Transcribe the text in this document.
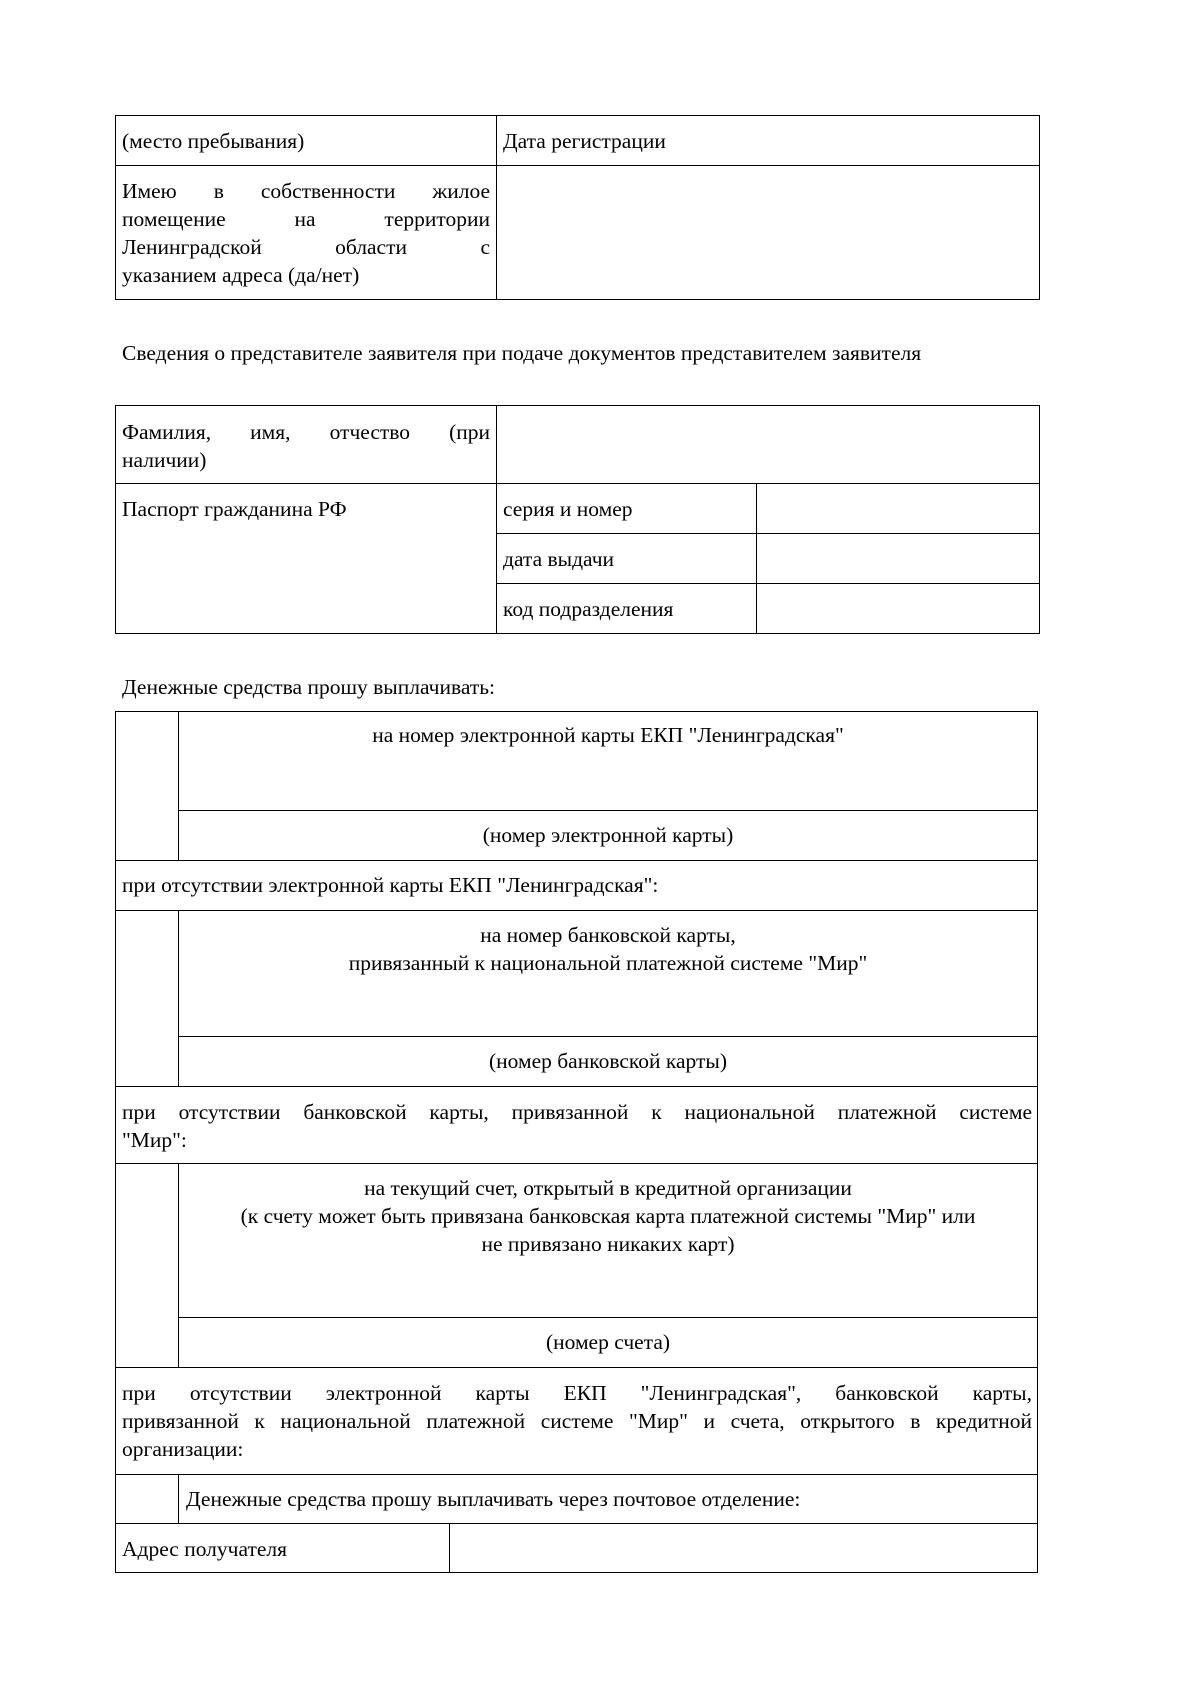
(место пребывания)	Дата регистрации
Имею в собственности жилое
помещение на территории
Ленинградской области с
указанием адреса (да/нет)
Сведения о представителе заявителя при подаче документов представителем заявителя
Фамилия, имя, отчество (при
наличии)
Паспорт гражданина РФ	серия и номер
дата выдачи
код подразделения
Денежные средства прошу выплачивать:
на номер электронной карты ЕКП "Ленинградская"
(номер электронной карты)
при отсутствии электронной карты ЕКП "Ленинградская":
на номер банковской карты,
привязанный к национальной платежной системе "Мир"
(номер банковской карты)
при отсутствии банковской карты, привязанной к национальной платежной системе
"Мир":
на текущий счет, открытый в кредитной организации
(к счету может быть привязана банковская карта платежной системы "Мир" или
не привязано никаких карт)
(номер счета)
при отсутствии электронной карты ЕКП "Ленинградская", банковской карты,
привязанной к национальной платежной системе "Мир" и счета, открытого в кредитной
организации:
Денежные средства прошу выплачивать через почтовое отделение:
Адрес получателя
